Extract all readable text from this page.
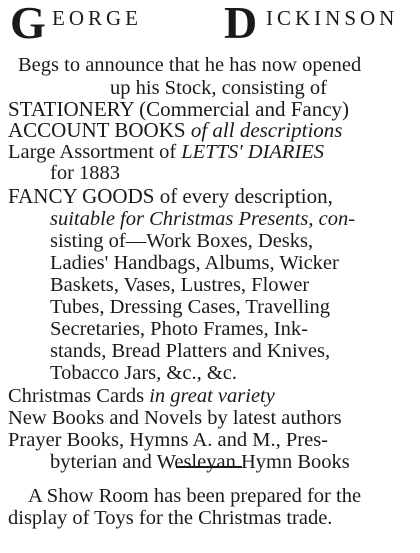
G EORGE D ICKINSON
Begs to announce that he has now opened
up his Stock, consisting of
STATIONERY (Commercial and Fancy)
ACCOUNT BOOKS of all descriptions
Large Assortment of LETTS' DIARIES
for 1883
FANCY GOODS of every description,
suitable for Christmas Presents, con-
sisting of—Work Boxes, Desks,
Ladies' Handbags, Albums, Wicker
Baskets, Vases, Lustres, Flower
Tubes, Dressing Cases, Travelling
Secretaries, Photo Frames, Ink-
stands, Bread Platters and Knives,
Tobacco Jars, &c., &c.
Christmas Cards in great variety
New Books and Novels by latest authors
Prayer Books, Hymns A. and M., Pres-
byterian and Wesleyan Hymn Books
A Show Room has been prepared for the
display of Toys for the Christmas trade.
